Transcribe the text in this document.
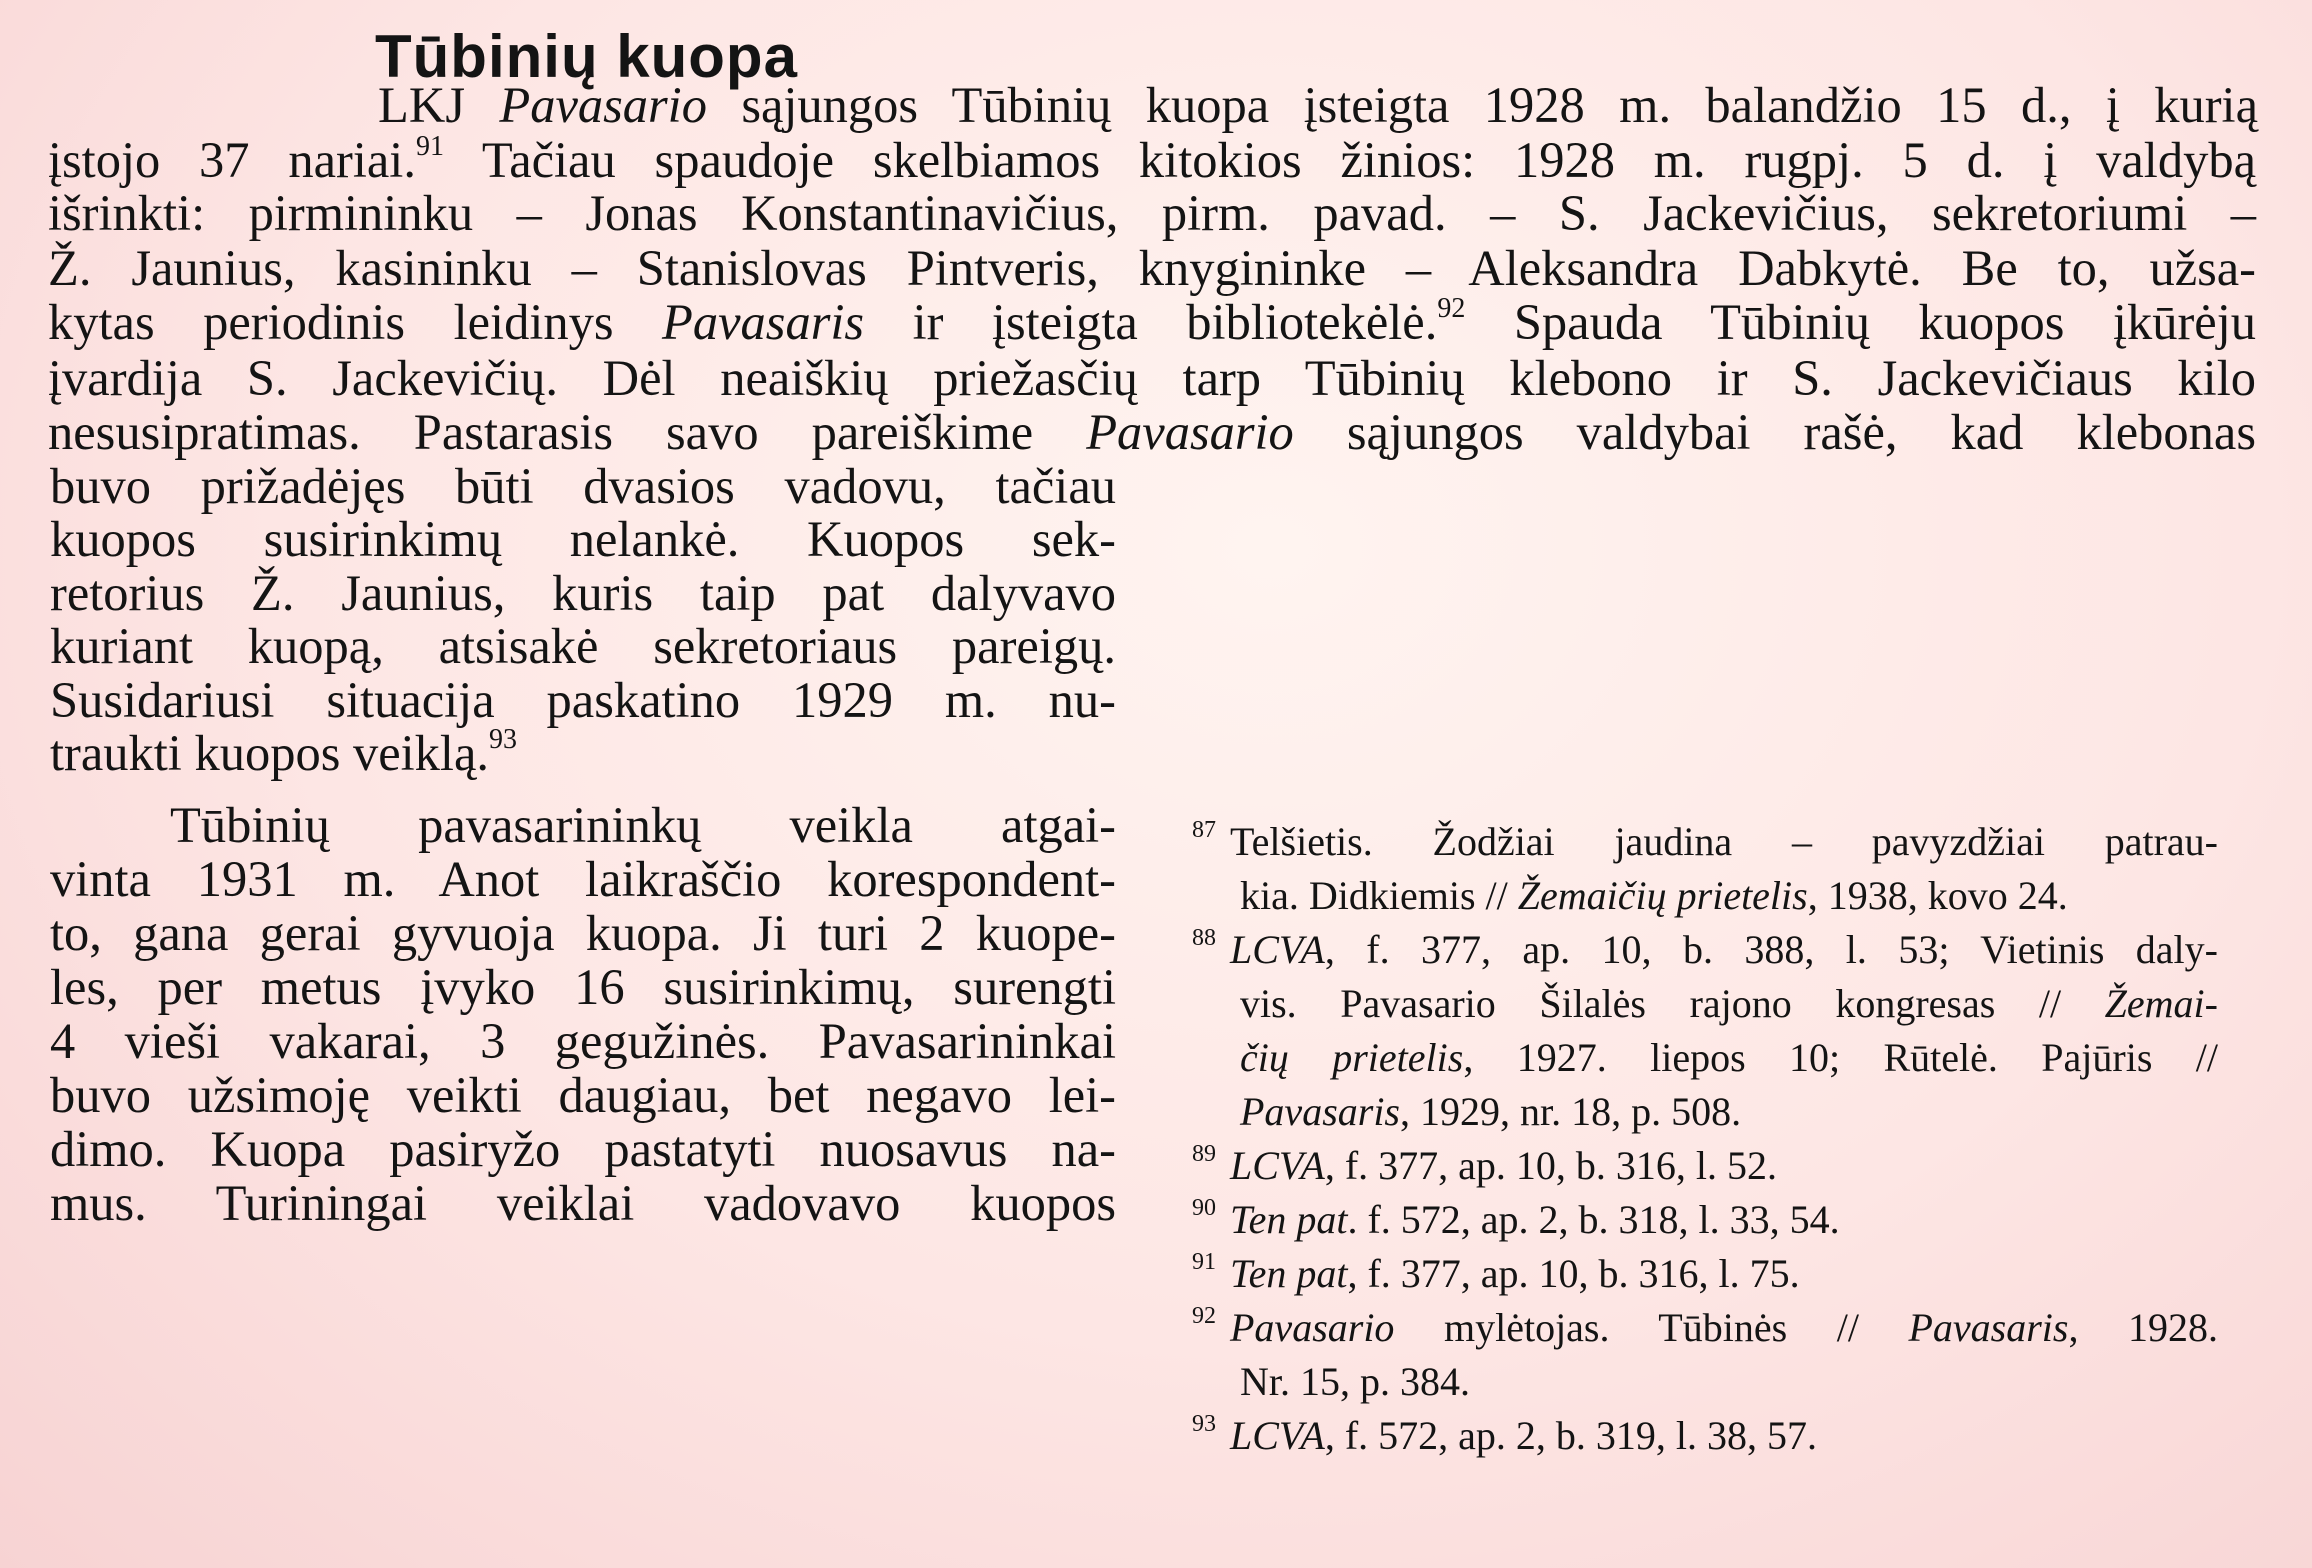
Tūbinių kuopa
LKJ Pavasario sąjungos Tūbinių kuopa įsteigta 1928 m. balandžio 15 d., į kurią
įstojo 37 nariai.$^{91}$ Tačiau spaudoje skelbiamos kitokios žinios: 1928 m. rugpj. 5 d. į valdybą
išrinkti: pirmininku – Jonas Konstantinavičius, pirm. pavad. – S. Jackevičius, sekretoriumi –
Ž. Jaunius, kasininku – Stanislovas Pintveris, knygininke – Aleksandra Dabkytė. Be to, užsa-
kytas periodinis leidinys Pavasaris ir įsteigta bibliotekėlė.$^{92}$ Spauda Tūbinių kuopos įkūrėju
įvardija S. Jackevičių. Dėl neaiškių priežasčių tarp Tūbinių klebono ir S. Jackevičiaus kilo
nesusipratimas. Pastarasis savo pareiškime Pavasario sąjungos valdybai rašė, kad klebonas
buvo prižadėjęs būti dvasios vadovu, tačiau
kuopos susirinkimų nelankė. Kuopos sek-
retorius Ž. Jaunius, kuris taip pat dalyvavo
kuriant kuopą, atsisakė sekretoriaus pareigų.
Susidariusi situacija paskatino 1929 m. nu-
traukti kuopos veiklą.$^{93}$
Tūbinių pavasarininkų veikla atgai-
vinta 1931 m. Anot laikraščio korespondent-
to, gana gerai gyvuoja kuopa. Ji turi 2 kuope-
les, per metus įvyko 16 susirinkimų, surengti
4 vieši vakarai, 3 gegužinės. Pavasarininkai
buvo užsimoję veikti daugiau, bet negavo lei-
dimo. Kuopa pasiryžo pastatyti nuosavus na-
mus. Turiningai veiklai vadovavo kuopos
$^{87}$ Telšietis. Žodžiai jaudina – pavyzdžiai patrau-
kia. Didkiemis // Žemaičių prietelis, 1938, kovo 24.
$^{88}$ LCVA, f. 377, ap. 10, b. 388, l. 53; Vietinis daly-
vis. Pavasario Šilalės rajono kongresas // Žemai-
čių prietelis, 1927. liepos 10; Rūtelė. Pajūris //
Pavasaris, 1929, nr. 18, p. 508.
$^{89}$ LCVA, f. 377, ap. 10, b. 316, l. 52.
$^{90}$ Ten pat. f. 572, ap. 2, b. 318, l. 33, 54.
$^{91}$ Ten pat, f. 377, ap. 10, b. 316, l. 75.
$^{92}$ Pavasario mylėtojas. Tūbinės // Pavasaris, 1928.
Nr. 15, p. 384.
$^{93}$ LCVA, f. 572, ap. 2, b. 319, l. 38, 57.
